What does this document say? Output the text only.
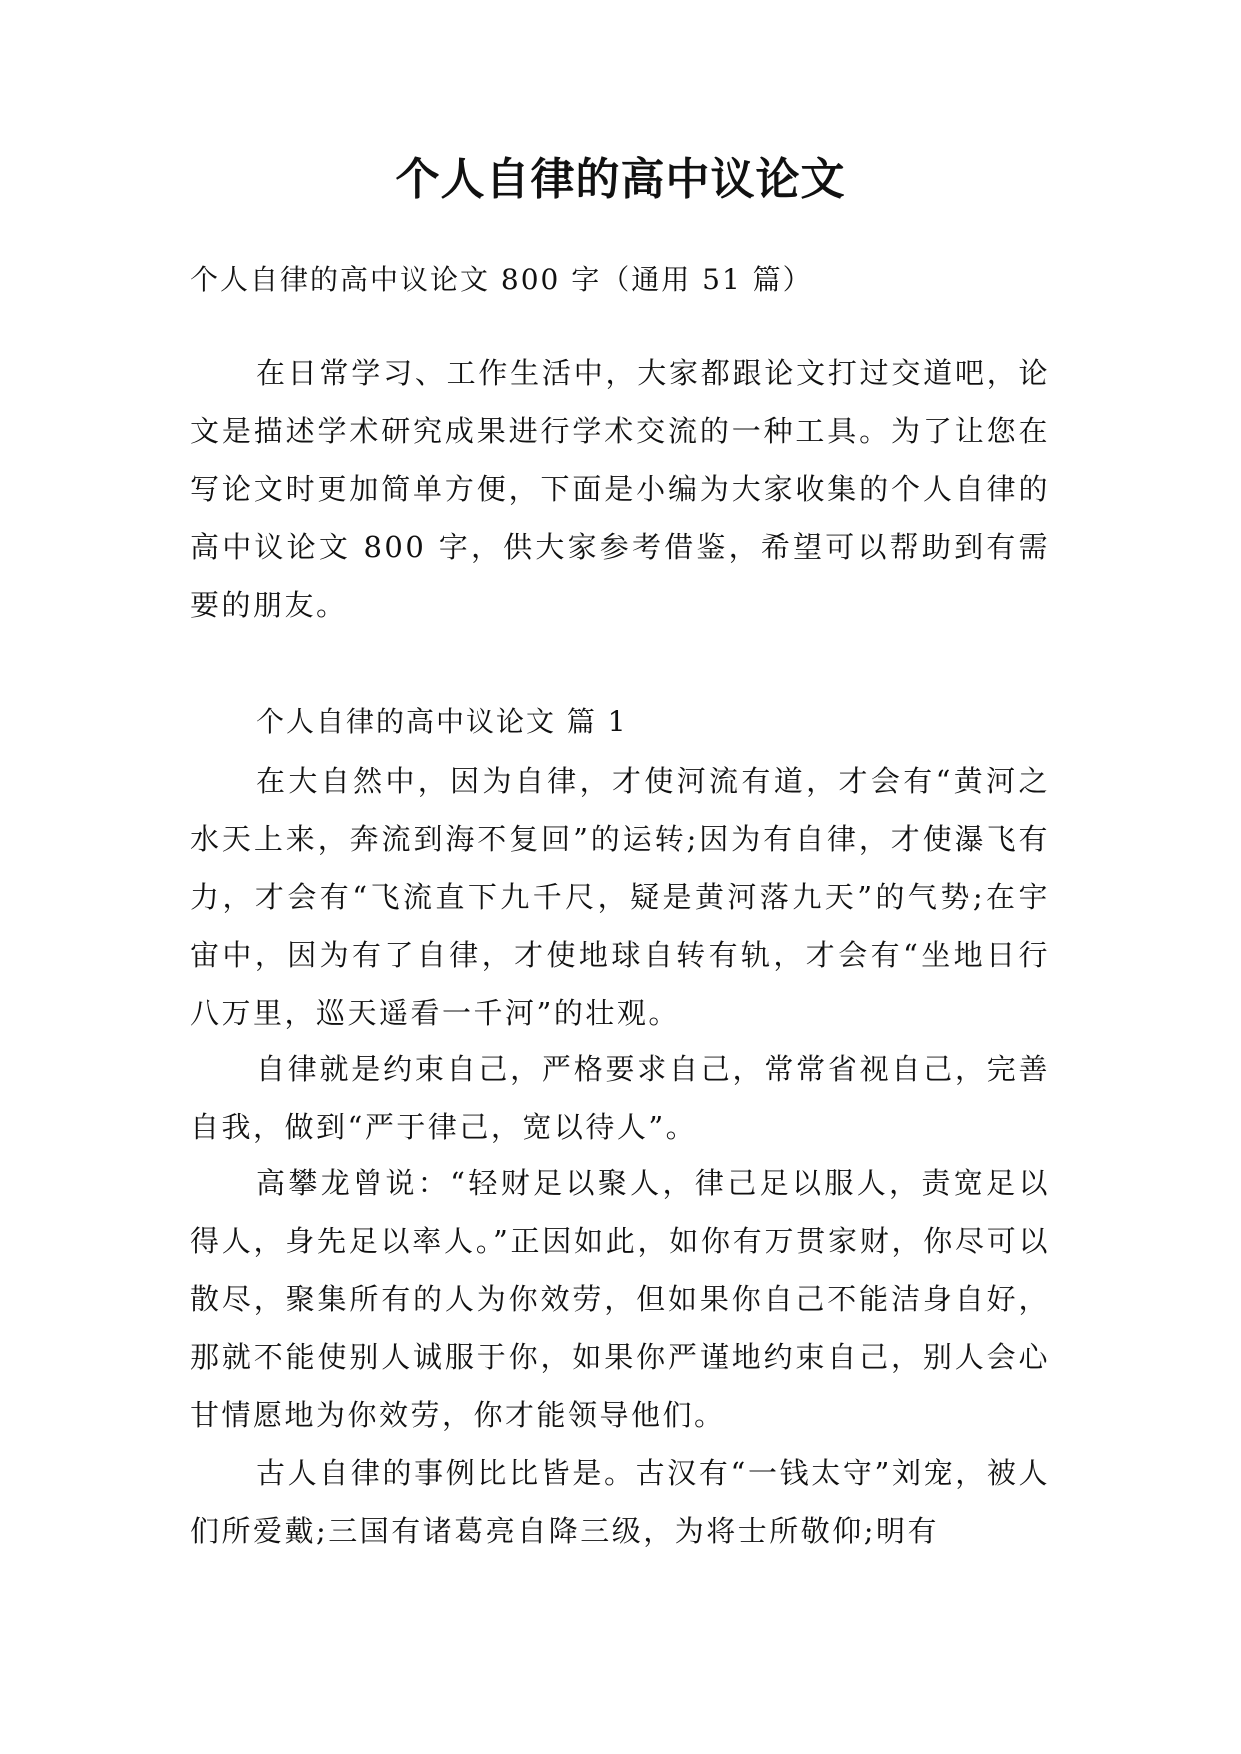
个人自律的高中议论文
个人自律的高中议论文 800 字（通用 51 篇）

在日常学习、工作生活中，大家都跟论文打过交道吧，论文是描述学术研究成果进行学术交流的一种工具。为了让您在写论文时更加简单方便，下面是小编为大家收集的个人自律的高中议论文 800 字，供大家参考借鉴，希望可以帮助到有需要的朋友。

个人自律的高中议论文 篇 1

在大自然中，因为自律，才使河流有道，才会有“黄河之水天上来，奔流到海不复回”的运转;因为有自律，才使瀑飞有力，才会有“飞流直下九千尺，疑是黄河落九天”的气势;在宇宙中，因为有了自律，才使地球自转有轨，才会有“坐地日行八万里，巡天遥看一千河”的壮观。

自律就是约束自己，严格要求自己，常常省视自己，完善自我，做到“严于律己，宽以待人”。

高攀龙曾说：“轻财足以聚人，律己足以服人，责宽足以得人，身先足以率人。”正因如此，如你有万贯家财，你尽可以散尽，聚集所有的人为你效劳，但如果你自己不能洁身自好，那就不能使别人诚服于你，如果你严谨地约束自己，别人会心甘情愿地为你效劳，你才能领导他们。

古人自律的事例比比皆是。古汉有“一钱太守”刘宠，被人们所爱戴;三国有诸葛亮自降三级，为将士所敬仰;明有
